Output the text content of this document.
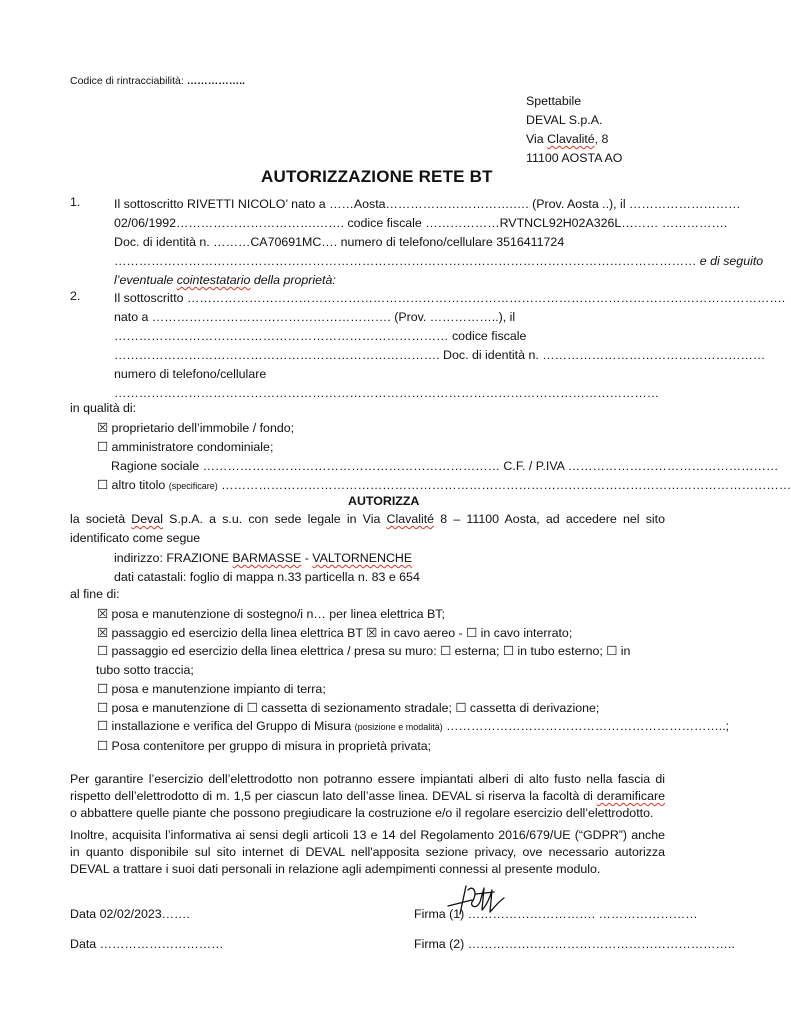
Codice di rintracciabilità: ……………..
Spettabile
DEVAL S.p.A.
Via Clavalité, 8
11100 AOSTA AO
AUTORIZZAZIONE RETE BT
1.	Il sottoscritto RIVETTI NICOLO’ nato a ……Aosta………………………….…. (Prov. Aosta ..), il ………………………
02/06/1992…………………………….……. codice fiscale ………………RVTNCL92H02A326L……… …………….
Doc. di identità n. ………CA70691MC…. numero di telefono/cellulare 3516411724
…………………………………………………………………………………………………………………………… e di seguito
l’eventuale cointestatario della proprietà:
2.	Il sottoscritto ……………………………………………………………………………………………………………………………….
nato a …………………………………………………. (Prov. ……………..), il
……………………………………………………………………… codice fiscale
……………………………………………………………………. Doc. di identità n. ………………………………………………
numero di telefono/cellulare
……………………………………………………………………………………………………………………
in qualità di:
☒ proprietario dell’immobile / fondo;
☐ amministratore condominiale;
Ragione sociale ……………………………………………………………… C.F. / P.IVA ……………………………………………
☐ altro titolo (specificare) …………………………………………………………………………………………………………………………
AUTORIZZA
la società Deval S.p.A. a s.u. con sede legale in Via Clavalité 8 – 11100 Aosta, ad accedere nel sito
identificato come segue
indirizzo: FRAZIONE BARMASSE - VALTORNENCHE
dati catastali: foglio di mappa n.33 particella n. 83 e 654
al fine di:
☒ posa e manutenzione di sostegno/i n… per linea elettrica BT;
☒ passaggio ed esercizio della linea elettrica BT ☒ in cavo aereo - ☐ in cavo interrato;
☐ passaggio ed esercizio della linea elettrica / presa su muro: ☐ esterna; ☐ in tubo esterno; ☐ in
tubo sotto traccia;
☐ posa e manutenzione impianto di terra;
☐ posa e manutenzione di ☐ cassetta di sezionamento stradale; ☐ cassetta di derivazione;
☐ installazione e verifica del Gruppo di Misura (posizione e modalità) …………………………………………………………..;
☐ Posa contenitore per gruppo di misura in proprietà privata;
Per garantire l’esercizio dell’elettrodotto non potranno essere impiantati alberi di alto fusto nella fascia di rispetto dell’elettrodotto di m. 1,5 per ciascun lato dell’asse linea. DEVAL si riserva la facoltà di deramificare o abbattere quelle piante che possono pregiudicare la costruzione e/o il regolare esercizio dell’elettrodotto.
Inoltre, acquisita l’informativa ai sensi degli articoli 13 e 14 del Regolamento 2016/679/UE (“GDPR”) anche in quanto disponibile sul sito internet di DEVAL nell'apposita sezione privacy, ove necessario autorizza DEVAL a trattare i suoi dati personali in relazione agli adempimenti connessi al presente modulo.
Data 02/02/2023…….	Firma (1) …………………………. ……………………
Data …………………………	Firma (2) ………………………………………………………..
